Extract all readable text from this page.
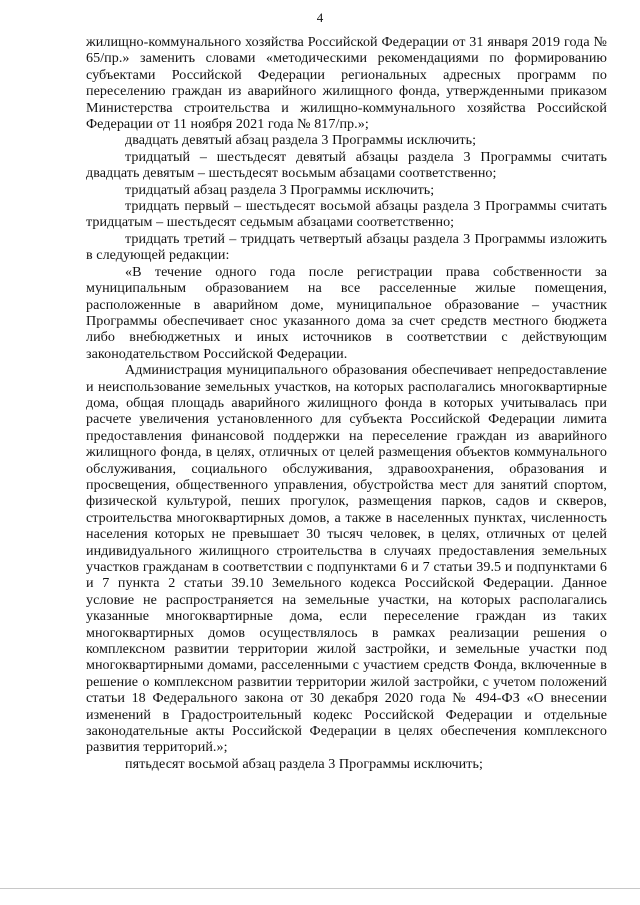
4

жилищно-коммунального хозяйства Российской Федерации от 31 января 2019 года № 65/пр.» заменить словами «методическими рекомендациями по формированию субъектами Российской Федерации региональных адресных программ по переселению граждан из аварийного жилищного фонда, утвержденными приказом Министерства строительства и жилищно-коммунального хозяйства Российской Федерации от 11 ноября 2021 года № 817/пр.»;

двадцать девятый абзац раздела 3 Программы исключить;

тридцатый – шестьдесят девятый абзацы раздела 3 Программы считать двадцать девятым – шестьдесят восьмым абзацами соответственно;

тридцатый абзац раздела 3 Программы исключить;

тридцать первый – шестьдесят восьмой абзацы раздела 3 Программы считать тридцатым – шестьдесят седьмым абзацами соответственно;

тридцать третий – тридцать четвертый абзацы раздела 3 Программы изложить в следующей редакции:

«В течение одного года после регистрации права собственности за муниципальным образованием на все расселенные жилые помещения, расположенные в аварийном доме, муниципальное образование – участник Программы обеспечивает снос указанного дома за счет средств местного бюджета либо внебюджетных и иных источников в соответствии с действующим законодательством Российской Федерации.

Администрация муниципального образования обеспечивает непредоставление и неиспользование земельных участков, на которых располагались многоквартирные дома, общая площадь аварийного жилищного фонда в которых учитывалась при расчете увеличения установленного для субъекта Российской Федерации лимита предоставления финансовой поддержки на переселение граждан из аварийного жилищного фонда, в целях, отличных от целей размещения объектов коммунального обслуживания, социального обслуживания, здравоохранения, образования и просвещения, общественного управления, обустройства мест для занятий спортом, физической культурой, пеших прогулок, размещения парков, садов и скверов, строительства многоквартирных домов, а также в населенных пунктах, численность населения которых не превышает 30 тысяч человек, в целях, отличных от целей индивидуального жилищного строительства в случаях предоставления земельных участков гражданам в соответствии с подпунктами 6 и 7 статьи 39.5 и подпунктами 6 и 7 пункта 2 статьи 39.10 Земельного кодекса Российской Федерации. Данное условие не распространяется на земельные участки, на которых располагались указанные многоквартирные дома, если переселение граждан из таких многоквартирных домов осуществлялось в рамках реализации решения о комплексном развитии территории жилой застройки, и земельные участки под многоквартирными домами, расселенными с участием средств Фонда, включенные в решение о комплексном развитии территории жилой застройки, с учетом положений статьи 18 Федерального закона от 30 декабря 2020 года № 494-ФЗ «О внесении изменений в Градостроительный кодекс Российской Федерации и отдельные законодательные акты Российской Федерации в целях обеспечения комплексного развития территорий.»;

пятьдесят восьмой абзац раздела 3 Программы исключить;
